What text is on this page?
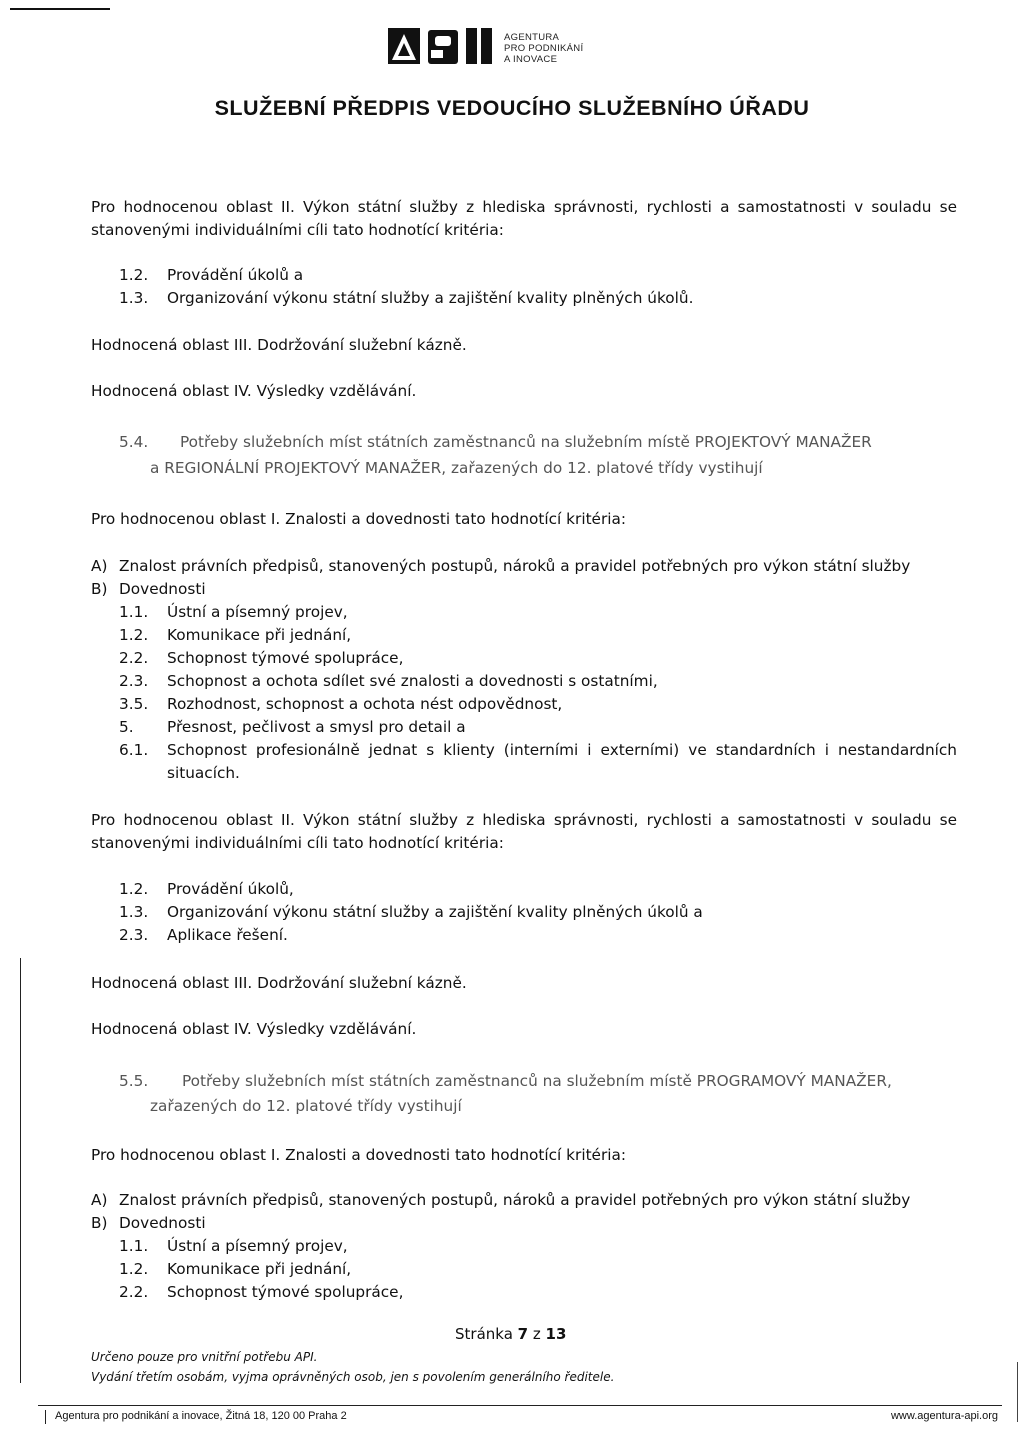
AGENTURA
PRO PODNIKÁNÍ
A INOVACE
SLUŽEBNÍ PŘEDPIS VEDOUCÍHO SLUŽEBNÍHO ÚŘADU
Pro hodnocenou oblast II. Výkon státní služby z hlediska správnosti, rychlosti a samostatnosti v souladu se stanovenými individuálními cíli tato hodnotící kritéria:
1.2. Provádění úkolů a
1.3. Organizování výkonu státní služby a zajištění kvality plněných úkolů.
Hodnocená oblast III. Dodržování služební kázně.
Hodnocená oblast IV. Výsledky vzdělávání.
5.4. Potřeby služebních míst státních zaměstnanců na služebním místě PROJEKTOVÝ MANAŽER
a REGIONÁLNÍ PROJEKTOVÝ MANAŽER, zařazených do 12. platové třídy vystihují
Pro hodnocenou oblast I. Znalosti a dovednosti tato hodnotící kritéria:
A) Znalost právních předpisů, stanovených postupů, nároků a pravidel potřebných pro výkon státní služby
B) Dovednosti
1.1. Ústní a písemný projev,
1.2. Komunikace při jednání,
2.2. Schopnost týmové spolupráce,
2.3. Schopnost a ochota sdílet své znalosti a dovednosti s ostatními,
3.5. Rozhodnost, schopnost a ochota nést odpovědnost,
5. Přesnost, pečlivost a smysl pro detail a
6.1. Schopnost profesionálně jednat s klienty (interními i externími) ve standardních i nestandardních situacích.
Pro hodnocenou oblast II. Výkon státní služby z hlediska správnosti, rychlosti a samostatnosti v souladu se stanovenými individuálními cíli tato hodnotící kritéria:
1.2. Provádění úkolů,
1.3. Organizování výkonu státní služby a zajištění kvality plněných úkolů a
2.3. Aplikace řešení.
Hodnocená oblast III. Dodržování služební kázně.
Hodnocená oblast IV. Výsledky vzdělávání.
5.5. Potřeby služebních míst státních zaměstnanců na služebním místě PROGRAMOVÝ MANAŽER,
zařazených do 12. platové třídy vystihují
Pro hodnocenou oblast I. Znalosti a dovednosti tato hodnotící kritéria:
A) Znalost právních předpisů, stanovených postupů, nároků a pravidel potřebných pro výkon státní služby
B) Dovednosti
1.1. Ústní a písemný projev,
1.2. Komunikace při jednání,
2.2. Schopnost týmové spolupráce,
Stránka 7 z 13
Určeno pouze pro vnitřní potřebu API.
Vydání třetím osobám, vyjma oprávněných osob, jen s povolením generálního ředitele.
Agentura pro podnikání a inovace, Žitná 18, 120 00 Praha 2	www.agentura-api.org
